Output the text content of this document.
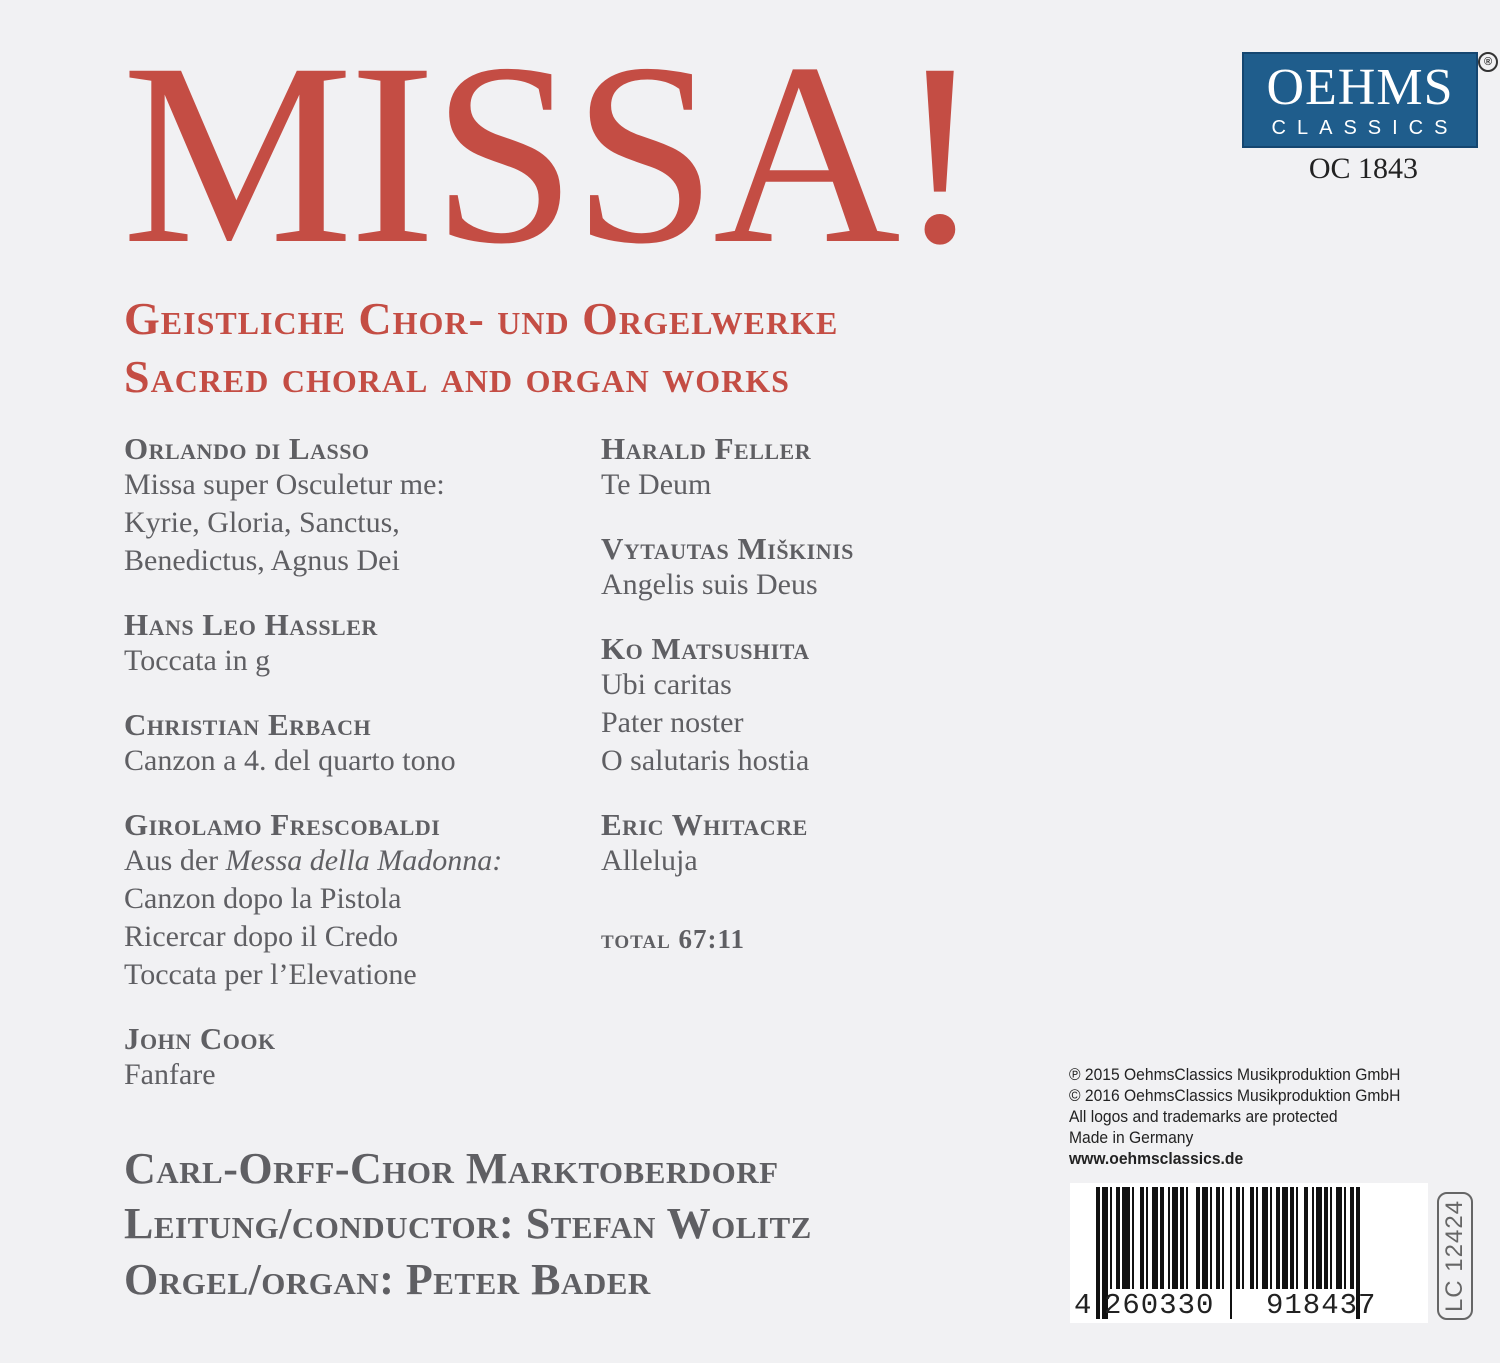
MISSA!
Geistliche Chor- und Orgelwerke
Sacred choral and organ works
Orlando di Lasso
Missa super Osculetur me:
Kyrie, Gloria, Sanctus,
Benedictus, Agnus Dei
Hans Leo Hassler
Toccata in g
Christian Erbach
Canzon a 4. del quarto tono
Girolamo Frescobaldi
Aus der Messa della Madonna:
Canzon dopo la Pistola
Ricercar dopo il Credo
Toccata per l’Elevatione
John Cook
Fanfare
Harald Feller
Te Deum
Vytautas Miškinis
Angelis suis Deus
Ko Matsushita
Ubi caritas
Pater noster
O salutaris hostia
Eric Whitacre
Alleluja
total 67:11
Carl-Orff-Chor Marktoberdorf
Leitung/conductor: Stefan Wolitz
Orgel/organ: Peter Bader
OEHMS
CLASSICS
®
OC 1843
℗ 2015 OehmsClassics Musikproduktion GmbH
© 2016 OehmsClassics Musikproduktion GmbH
All logos and trademarks are protected
Made in Germany
www.oehmsclassics.de
4 260330 918437	LC 12424
